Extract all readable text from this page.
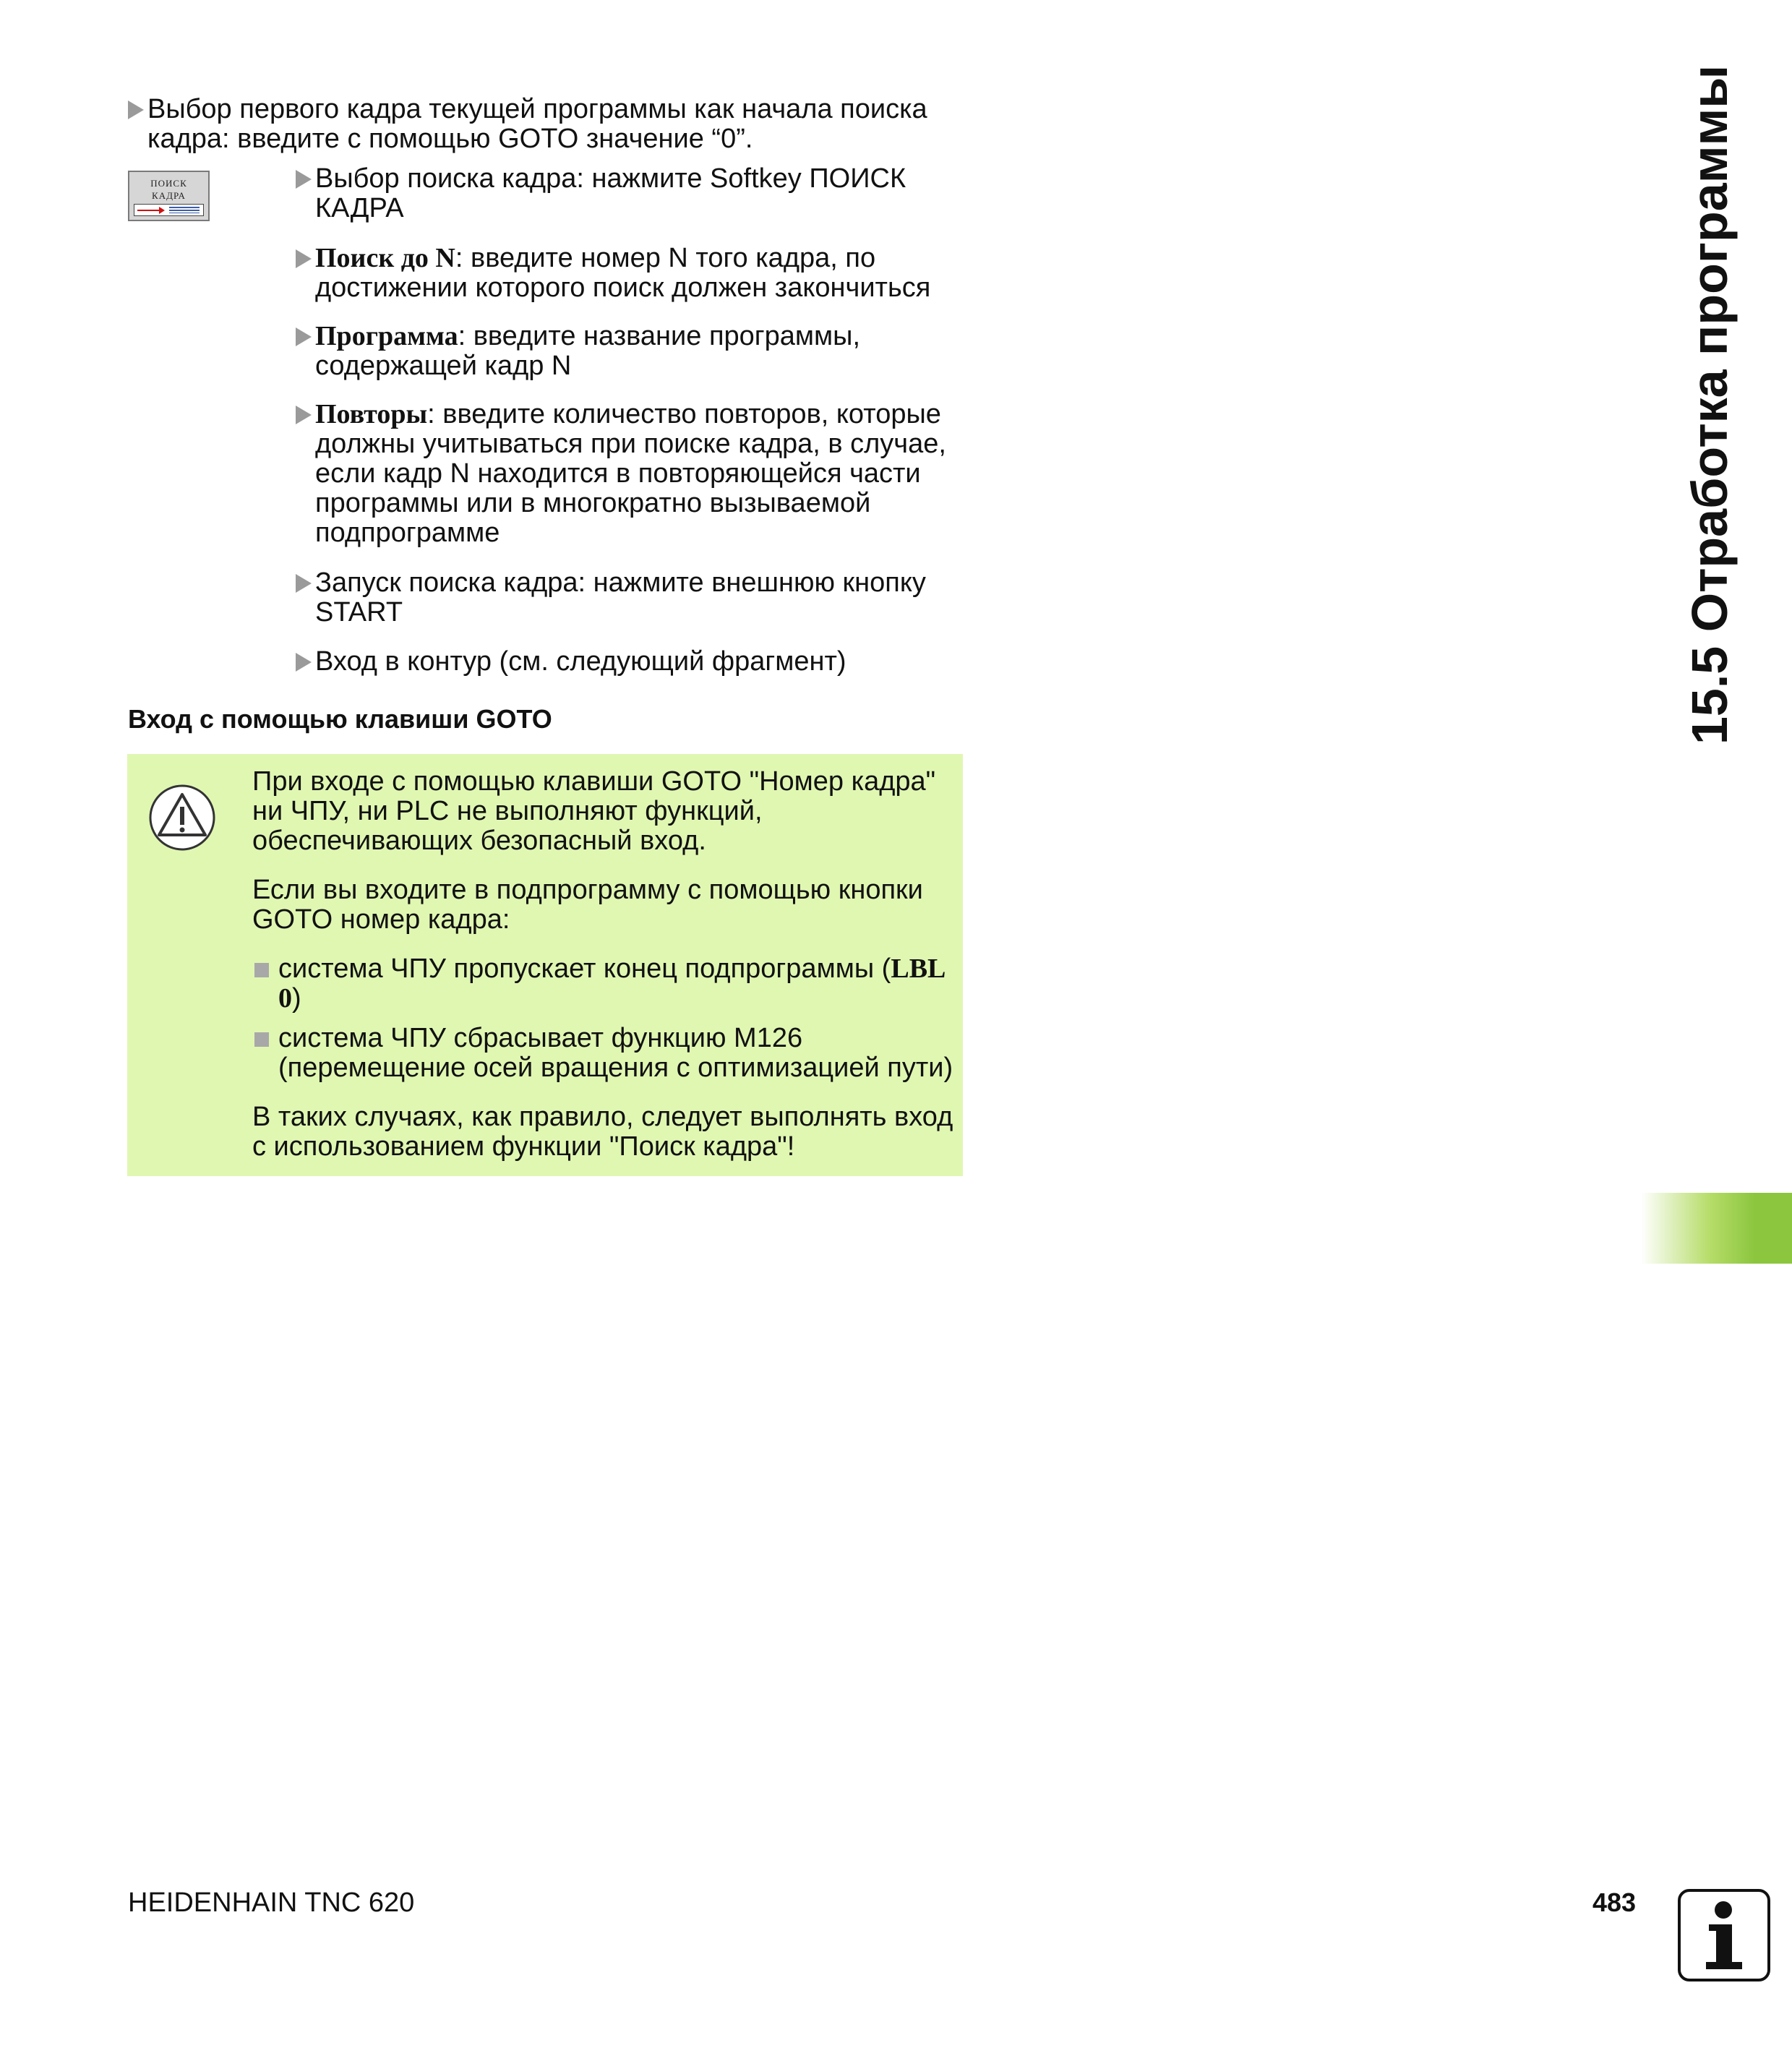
Выбор первого кадра текущей программы как начала поиска кадра: введите с помощью GOTO значение “0”.
ПОИСК
КАДРА
Выбор поиска кадра: нажмите Softkey ПОИСК КАДРА
Поиск до N: введите номер N того кадра, по достижении которого поиск должен закончиться
Программа: введите название программы, содержащей кадр N
Повторы: введите количество повторов, которые должны учитываться при поиске кадра, в случае, если кадр N находится в повторяющейся части программы или в многократно вызываемой подпрограмме
Запуск поиска кадра: нажмите внешнюю кнопку START
Вход в контур (см. следующий фрагмент)
Вход с помощью клавиши GOTO
При входе с помощью клавиши GOTO "Номер кадра" ни ЧПУ, ни PLC не выполняют функций, обеспечивающих безопасный вход.
Если вы входите в подпрограмму с помощью кнопки GOTO номер кадра:
система ЧПУ пропускает конец подпрограммы (LBL 0)
система ЧПУ сбрасывает функцию M126 (перемещение осей вращения с оптимизацией пути)
В таких случаях, как правило, следует выполнять вход с использованием функции "Поиск кадра"!
15.5 Отработка программы
HEIDENHAIN TNC 620	483
